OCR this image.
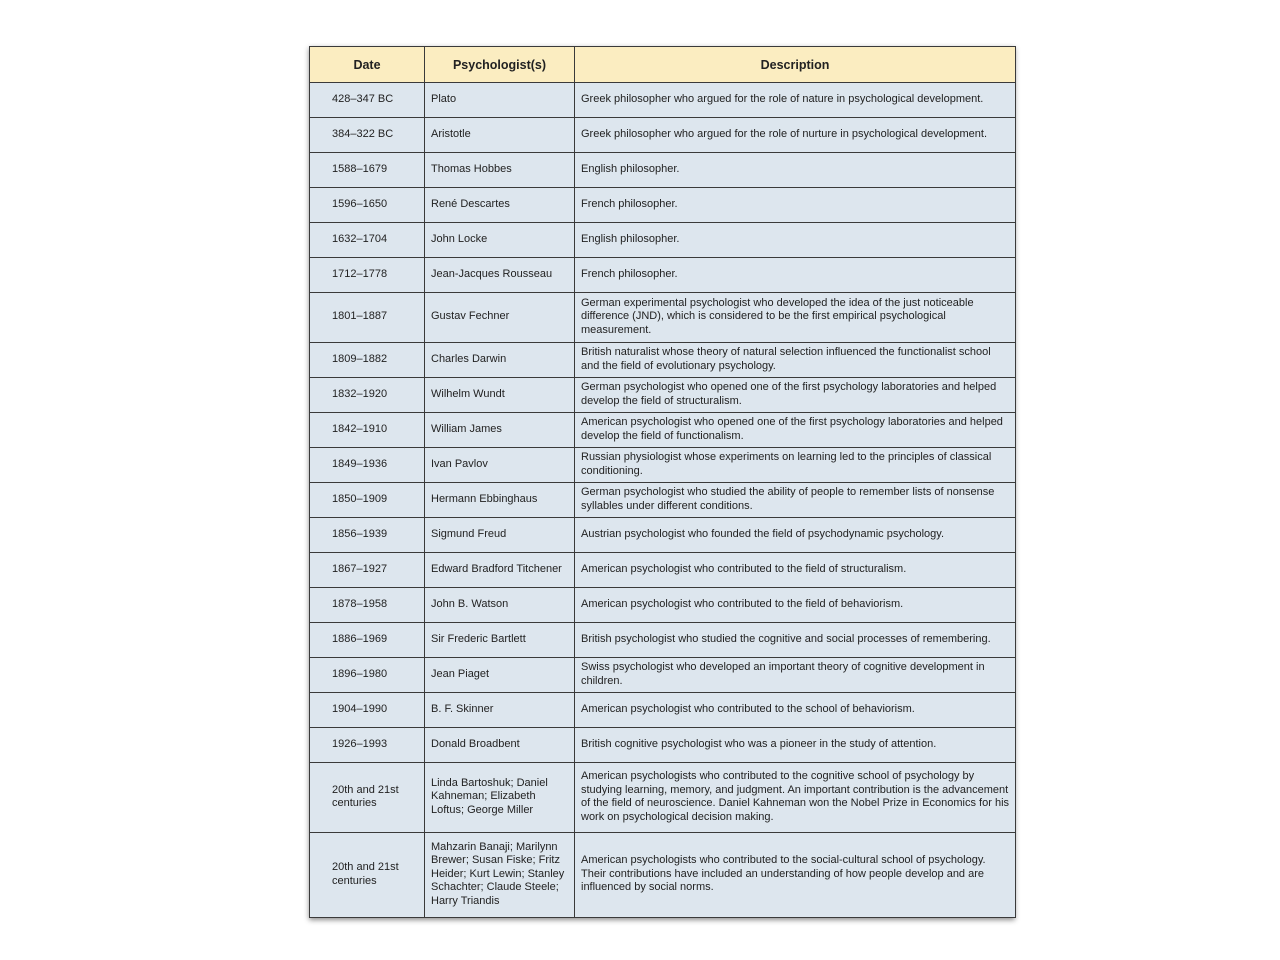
Date	Psychologist(s)	Description
428–347 BC	Plato	Greek philosopher who argued for the role of nature in psychological development.
384–322 BC	Aristotle	Greek philosopher who argued for the role of nurture in psychological development.
1588–1679	Thomas Hobbes	English philosopher.
1596–1650	René Descartes	French philosopher.
1632–1704	John Locke	English philosopher.
1712–1778	Jean-Jacques Rousseau	French philosopher.
1801–1887	Gustav Fechner	German experimental psychologist who developed the idea of the just noticeable difference (JND), which is considered to be the first empirical psychological measurement.
1809–1882	Charles Darwin	British naturalist whose theory of natural selection influenced the functionalist school and the field of evolutionary psychology.
1832–1920	Wilhelm Wundt	German psychologist who opened one of the first psychology laboratories and helped develop the field of structuralism.
1842–1910	William James	American psychologist who opened one of the first psychology laboratories and helped develop the field of functionalism.
1849–1936	Ivan Pavlov	Russian physiologist whose experiments on learning led to the principles of classical conditioning.
1850–1909	Hermann Ebbinghaus	German psychologist who studied the ability of people to remember lists of nonsense syllables under different conditions.
1856–1939	Sigmund Freud	Austrian psychologist who founded the field of psychodynamic psychology.
1867–1927	Edward Bradford Titchener	American psychologist who contributed to the field of structuralism.
1878–1958	John B. Watson	American psychologist who contributed to the field of behaviorism.
1886–1969	Sir Frederic Bartlett	British psychologist who studied the cognitive and social processes of remembering.
1896–1980	Jean Piaget	Swiss psychologist who developed an important theory of cognitive development in children.
1904–1990	B. F. Skinner	American psychologist who contributed to the school of behaviorism.
1926–1993	Donald Broadbent	British cognitive psychologist who was a pioneer in the study of attention.
20th and 21st centuries	Linda Bartoshuk; Daniel Kahneman; Elizabeth Loftus; George Miller	American psychologists who contributed to the cognitive school of psychology by studying learning, memory, and judgment. An important contribution is the advancement of the field of neuroscience. Daniel Kahneman won the Nobel Prize in Economics for his work on psychological decision making.
20th and 21st centuries	Mahzarin Banaji; Marilynn Brewer; Susan Fiske; Fritz Heider; Kurt Lewin; Stanley Schachter; Claude Steele; Harry Triandis	American psychologists who contributed to the social-cultural school of psychology. Their contributions have included an understanding of how people develop and are influenced by social norms.
